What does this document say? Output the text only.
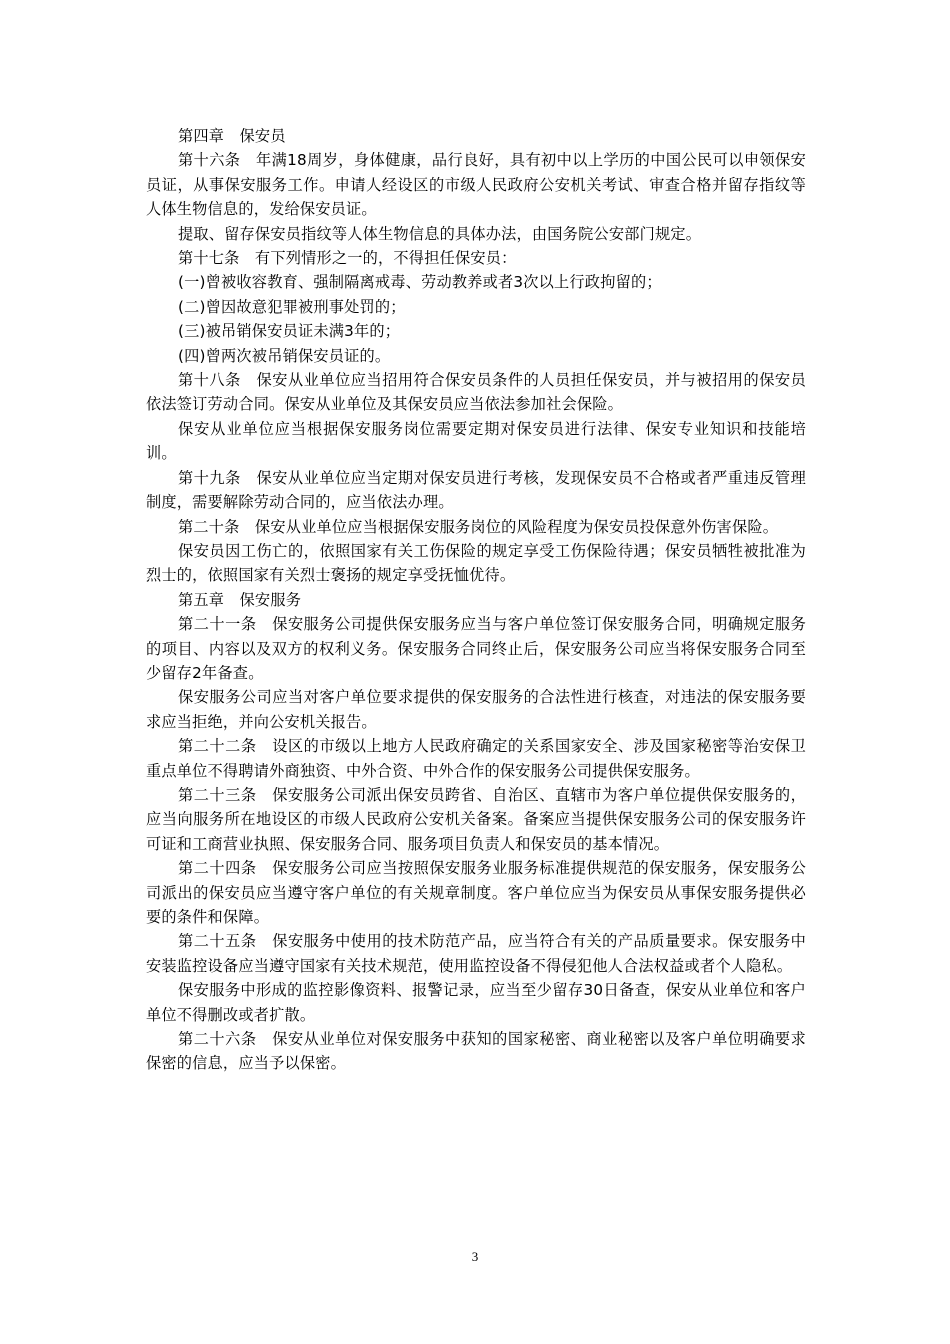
第四章　保安员

第十六条　年满18周岁，身体健康，品行良好，具有初中以上学历的中国公民可以申领保安员证，从事保安服务工作。申请人经设区的市级人民政府公安机关考试、审查合格并留存指纹等人体生物信息的，发给保安员证。

提取、留存保安员指纹等人体生物信息的具体办法，由国务院公安部门规定。

第十七条　有下列情形之一的，不得担任保安员：

(一)曾被收容教育、强制隔离戒毒、劳动教养或者3次以上行政拘留的；

(二)曾因故意犯罪被刑事处罚的；

(三)被吊销保安员证未满3年的；

(四)曾两次被吊销保安员证的。

第十八条　保安从业单位应当招用符合保安员条件的人员担任保安员，并与被招用的保安员依法签订劳动合同。保安从业单位及其保安员应当依法参加社会保险。

保安从业单位应当根据保安服务岗位需要定期对保安员进行法律、保安专业知识和技能培训。

第十九条　保安从业单位应当定期对保安员进行考核，发现保安员不合格或者严重违反管理制度，需要解除劳动合同的，应当依法办理。

第二十条　保安从业单位应当根据保安服务岗位的风险程度为保安员投保意外伤害保险。

保安员因工伤亡的，依照国家有关工伤保险的规定享受工伤保险待遇；保安员牺牲被批准为烈士的，依照国家有关烈士褒扬的规定享受抚恤优待。

第五章　保安服务

第二十一条　保安服务公司提供保安服务应当与客户单位签订保安服务合同，明确规定服务的项目、内容以及双方的权利义务。保安服务合同终止后，保安服务公司应当将保安服务合同至少留存2年备查。

保安服务公司应当对客户单位要求提供的保安服务的合法性进行核查，对违法的保安服务要求应当拒绝，并向公安机关报告。

第二十二条　设区的市级以上地方人民政府确定的关系国家安全、涉及国家秘密等治安保卫重点单位不得聘请外商独资、中外合资、中外合作的保安服务公司提供保安服务。

第二十三条　保安服务公司派出保安员跨省、自治区、直辖市为客户单位提供保安服务的，应当向服务所在地设区的市级人民政府公安机关备案。备案应当提供保安服务公司的保安服务许可证和工商营业执照、保安服务合同、服务项目负责人和保安员的基本情况。

第二十四条　保安服务公司应当按照保安服务业服务标准提供规范的保安服务，保安服务公司派出的保安员应当遵守客户单位的有关规章制度。客户单位应当为保安员从事保安服务提供必要的条件和保障。

第二十五条　保安服务中使用的技术防范产品，应当符合有关的产品质量要求。保安服务中安装监控设备应当遵守国家有关技术规范，使用监控设备不得侵犯他人合法权益或者个人隐私。

保安服务中形成的监控影像资料、报警记录，应当至少留存30日备查，保安从业单位和客户单位不得删改或者扩散。

第二十六条　保安从业单位对保安服务中获知的国家秘密、商业秘密以及客户单位明确要求保密的信息，应当予以保密。

3
